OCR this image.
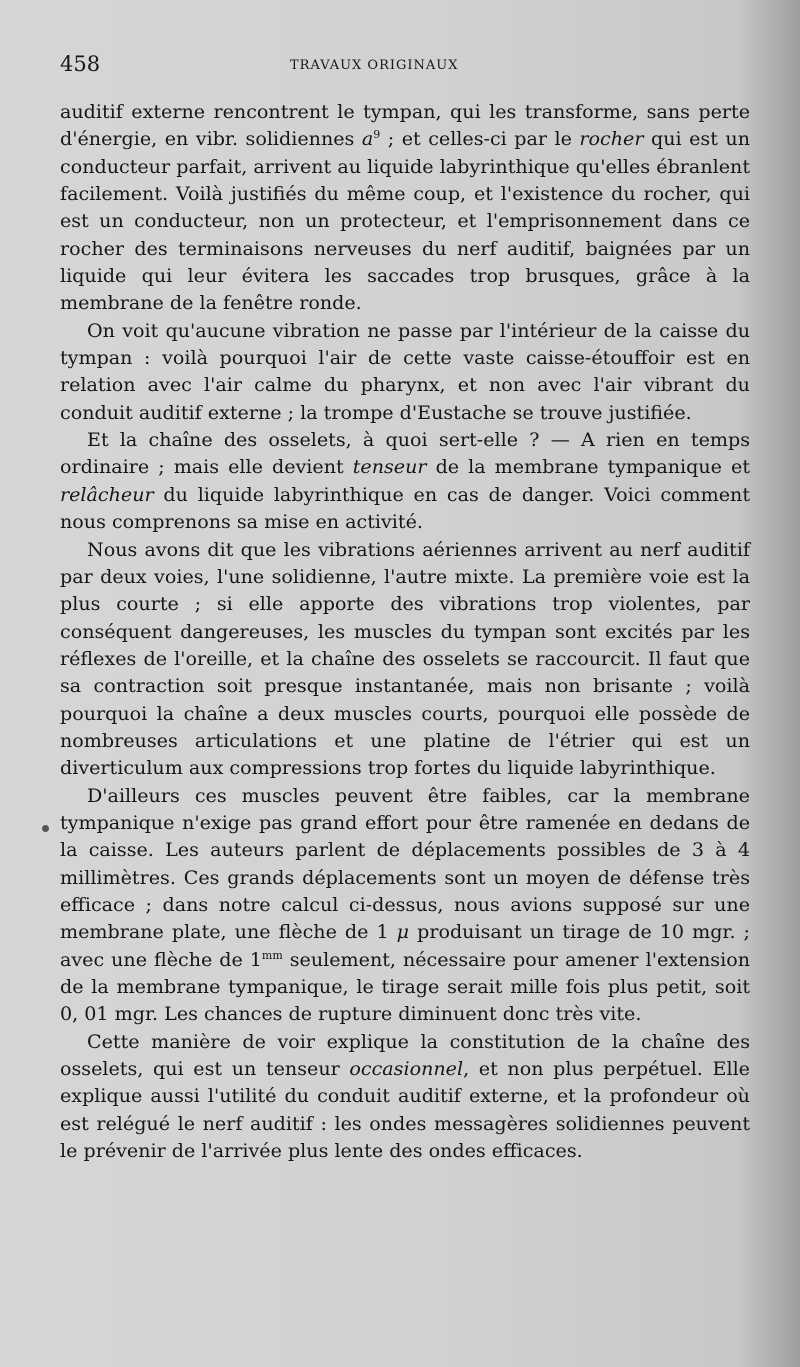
458	TRAVAUX ORIGINAUX

auditif externe rencontrent le tympan, qui les transforme, sans perte d'énergie, en vibr. solidiennes $a^9$ ; et celles-ci par le rocher qui est un conducteur parfait, arrivent au liquide labyrinthique qu'elles ébranlent facilement. Voilà justifiés du même coup, et l'existence du rocher, qui est un conducteur, non un protecteur, et l'emprisonnement dans ce rocher des terminaisons nerveuses du nerf auditif, baignées par un liquide qui leur évitera les saccades trop brusques, grâce à la membrane de la fenêtre ronde.

On voit qu'aucune vibration ne passe par l'intérieur de la caisse du tympan : voilà pourquoi l'air de cette vaste caisse-étouffoir est en relation avec l'air calme du pharynx, et non avec l'air vibrant du conduit auditif externe ; la trompe d'Eustache se trouve justifiée.

Et la chaîne des osselets, à quoi sert-elle ? — A rien en temps ordinaire ; mais elle devient tenseur de la membrane tympanique et relâcheur du liquide labyrinthique en cas de danger. Voici comment nous comprenons sa mise en activité.

Nous avons dit que les vibrations aériennes arrivent au nerf auditif par deux voies, l'une solidienne, l'autre mixte. La première voie est la plus courte ; si elle apporte des vibrations trop violentes, par conséquent dangereuses, les muscles du tympan sont excités par les réflexes de l'oreille, et la chaîne des osselets se raccourcit. Il faut que sa contraction soit presque instantanée, mais non brisante ; voilà pourquoi la chaîne a deux muscles courts, pourquoi elle possède de nombreuses articulations et une platine de l'étrier qui est un diverticulum aux compressions trop fortes du liquide labyrinthique.

D'ailleurs ces muscles peuvent être faibles, car la membrane tympanique n'exige pas grand effort pour être ramenée en dedans de la caisse. Les auteurs parlent de déplacements possibles de 3 à 4 millimètres. Ces grands déplacements sont un moyen de défense très efficace ; dans notre calcul ci-dessus, nous avions supposé sur une membrane plate, une flèche de 1 μ produisant un tirage de 10 mgr. ; avec une flèche de $1^{mm}$ seulement, nécessaire pour amener l'extension de la membrane tympanique, le tirage serait mille fois plus petit, soit 0, 01 mgr. Les chances de rupture diminuent donc très vite.

Cette manière de voir explique la constitution de la chaîne des osselets, qui est un tenseur occasionnel, et non plus perpétuel. Elle explique aussi l'utilité du conduit auditif externe, et la profondeur où est relégué le nerf auditif : les ondes messagères solidiennes peuvent le prévenir de l'arrivée plus lente des ondes efficaces.
